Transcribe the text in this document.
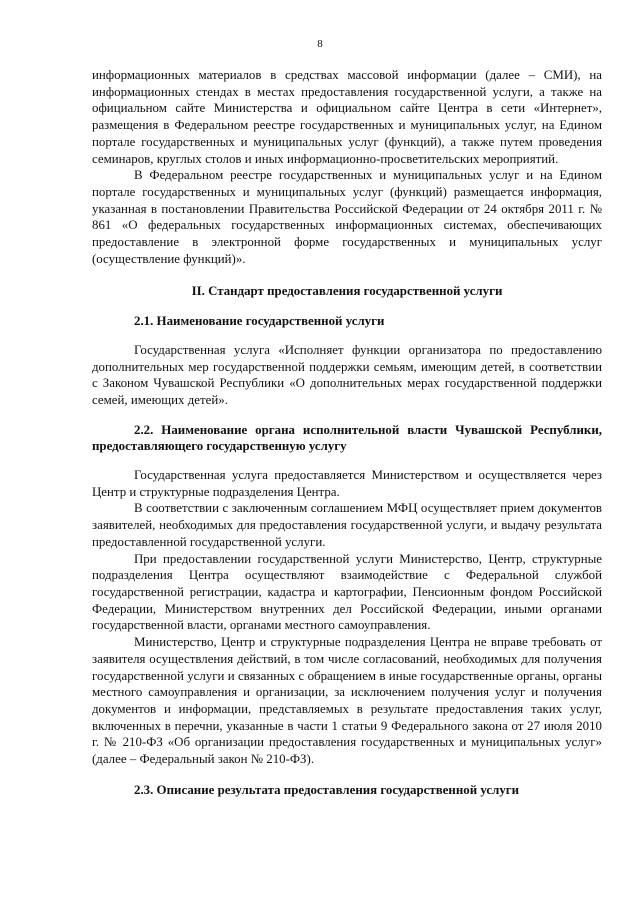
8

информационных материалов в средствах массовой информации (далее – СМИ), на информационных стендах в местах предоставления государственной услуги, а также на официальном сайте Министерства и официальном сайте Центра в сети «Интернет», размещения в Федеральном реестре государственных и муниципальных услуг, на Едином портале государственных и муниципальных услуг (функций), а также путем проведения семинаров, круглых столов и иных информационно-просветительских мероприятий.

В Федеральном реестре государственных и муниципальных услуг и на Едином портале государственных и муниципальных услуг (функций) размещается информация, указанная в постановлении Правительства Российской Федерации от 24 октября 2011 г. № 861 «О федеральных государственных информационных системах, обеспечивающих предоставление в электронной форме государственных и муниципальных услуг (осуществление функций)».

II. Стандарт предоставления государственной услуги

2.1. Наименование государственной услуги

Государственная услуга «Исполняет функции организатора по предоставлению дополнительных мер государственной поддержки семьям, имеющим детей, в соответствии с Законом Чувашской Республики «О дополнительных мерах государственной поддержки семей, имеющих детей».

2.2. Наименование органа исполнительной власти Чувашской Республики, предоставляющего государственную услугу

Государственная услуга предоставляется Министерством и осуществляется через Центр и структурные подразделения Центра.

В соответствии с заключенным соглашением МФЦ осуществляет прием документов заявителей, необходимых для предоставления государственной услуги, и выдачу результата предоставленной государственной услуги.

При предоставлении государственной услуги Министерство, Центр, структурные подразделения Центра осуществляют взаимодействие с Федеральной службой государственной регистрации, кадастра и картографии, Пенсионным фондом Российской Федерации, Министерством внутренних дел Российской Федерации, иными органами государственной власти, органами местного самоуправления.

Министерство, Центр и структурные подразделения Центра не вправе требовать от заявителя осуществления действий, в том числе согласований, необходимых для получения государственной услуги и связанных с обращением в иные государственные органы, органы местного самоуправления и организации, за исключением получения услуг и получения документов и информации, представляемых в результате предоставления таких услуг, включенных в перечни, указанные в части 1 статьи 9 Федерального закона от 27 июля 2010 г. № 210-ФЗ «Об организации предоставления государственных и муниципальных услуг» (далее – Федеральный закон № 210-ФЗ).

2.3. Описание результата предоставления государственной услуги
